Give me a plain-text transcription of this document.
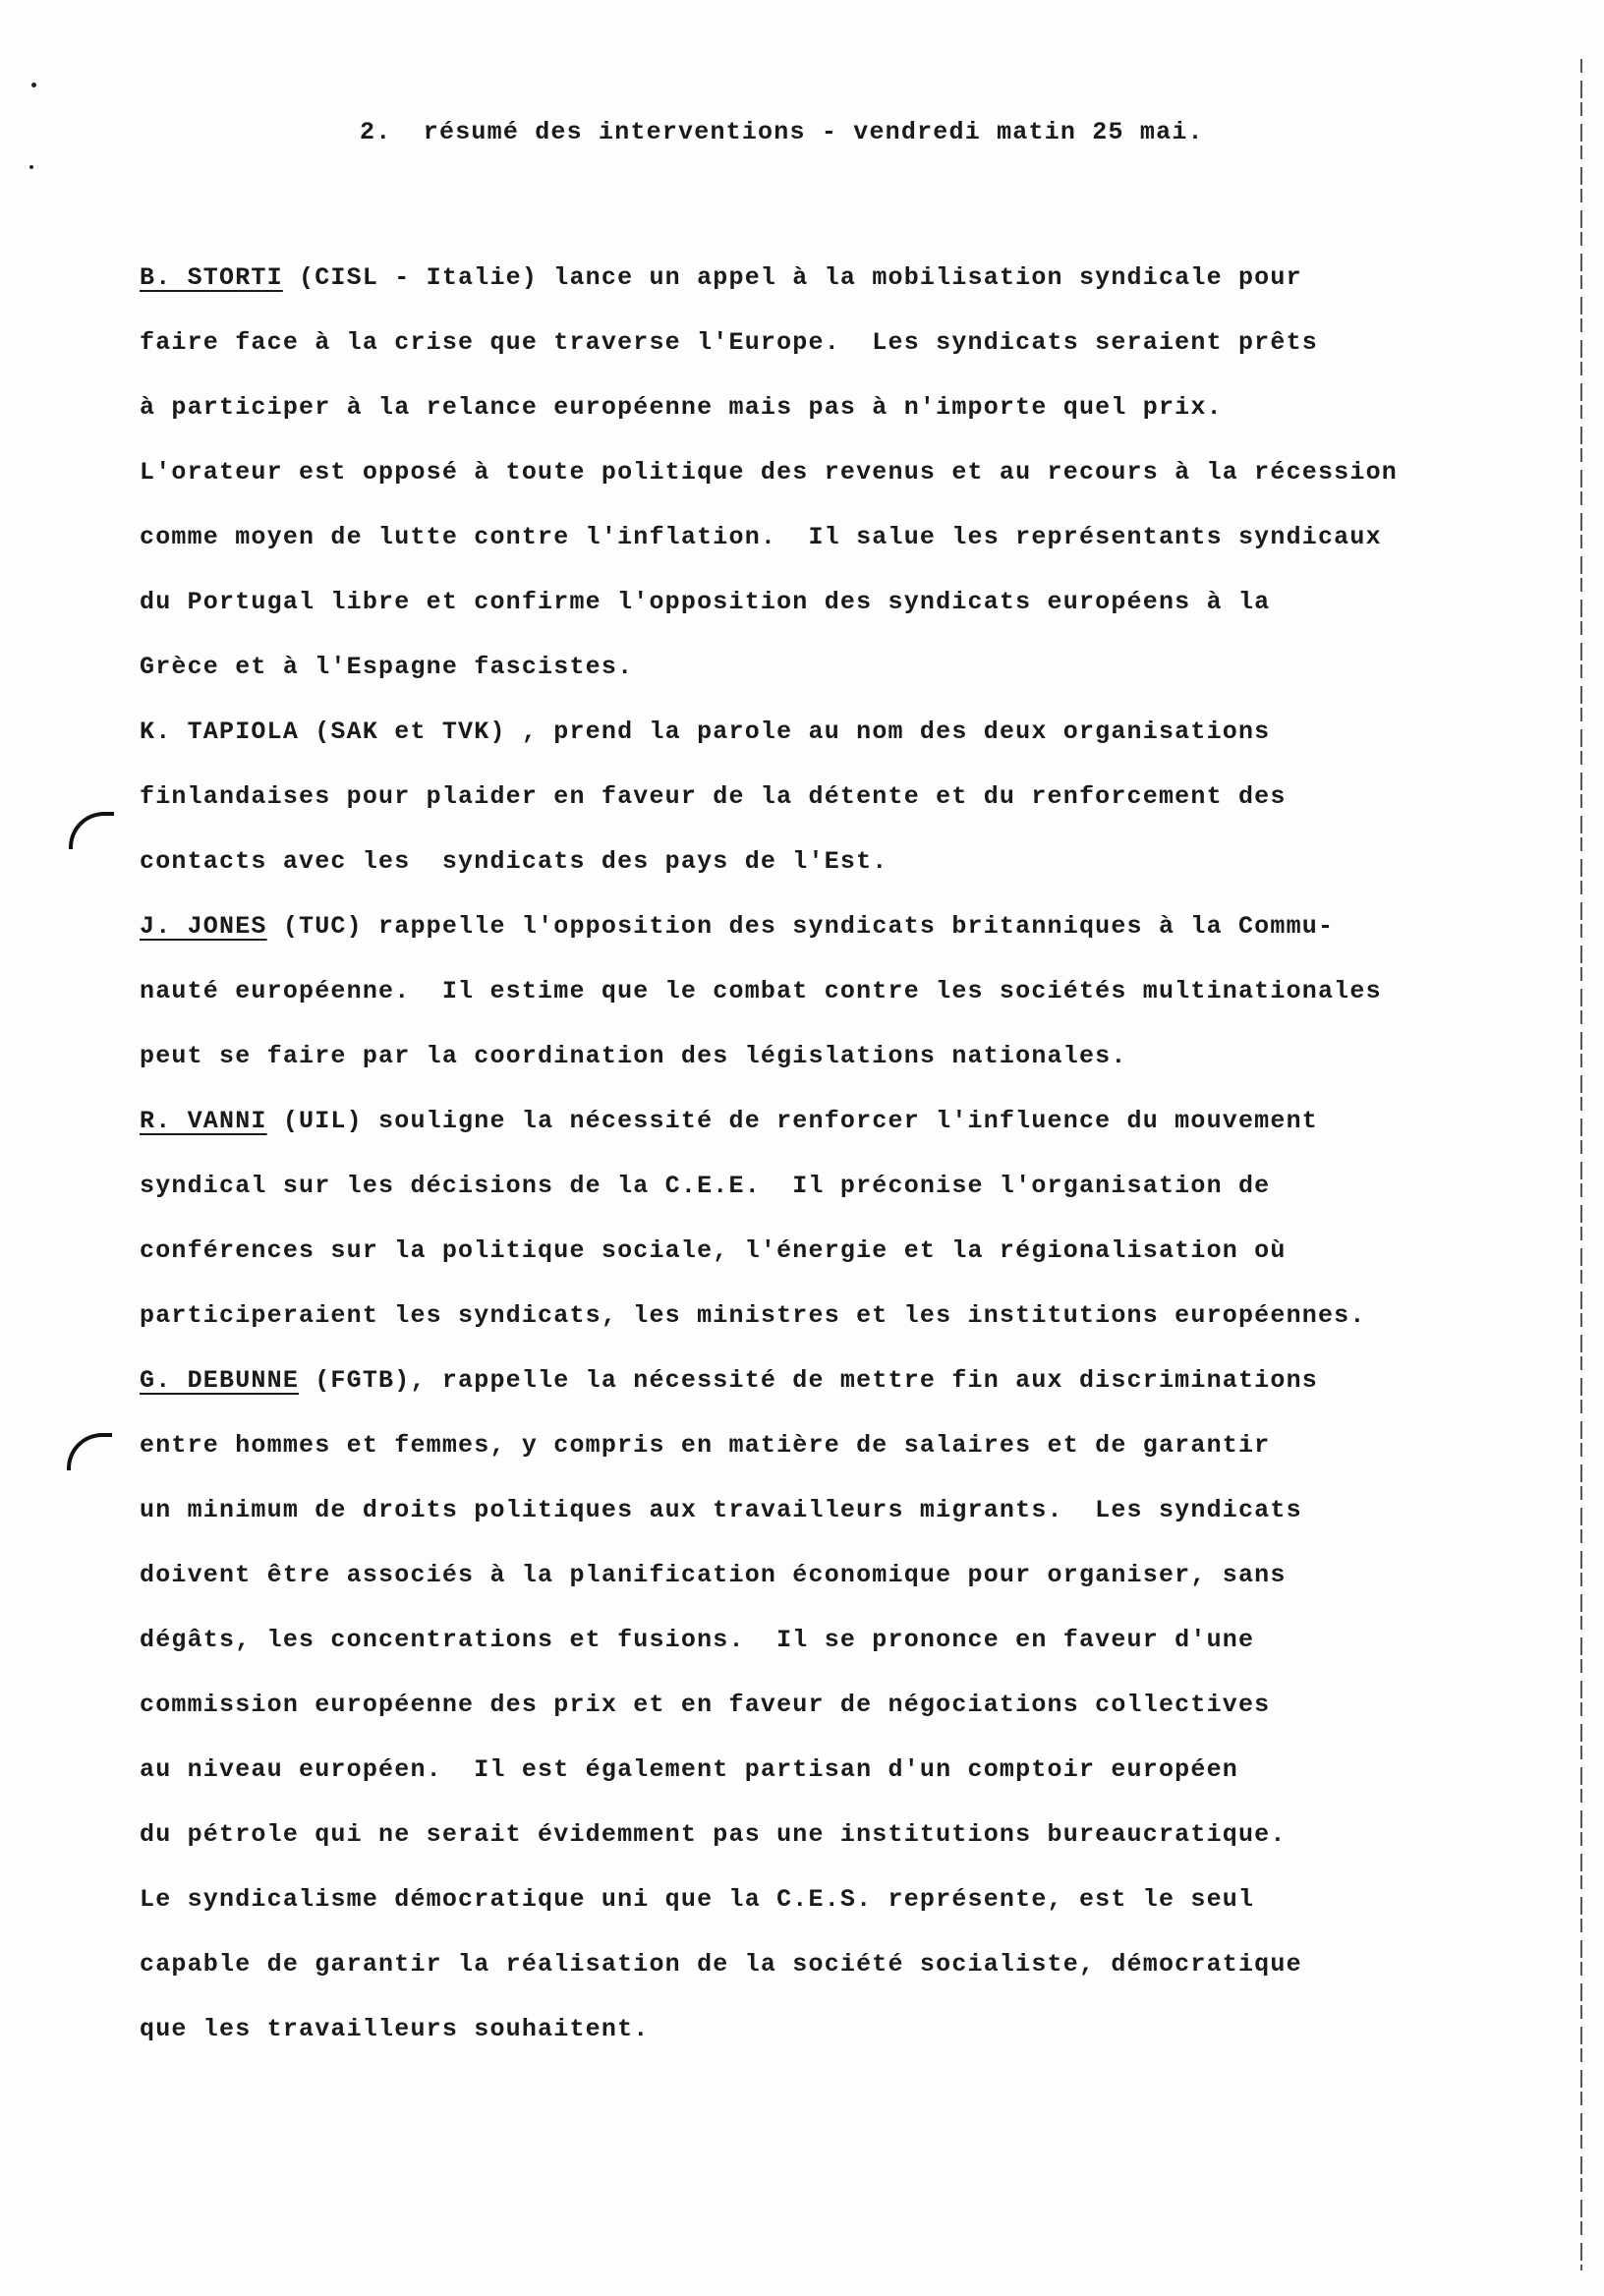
2.  résumé des interventions - vendredi matin 25 mai.
B. STORTI (CISL - Italie) lance un appel à la mobilisation syndicale pour
faire face à la crise que traverse l'Europe.  Les syndicats seraient prêts
à participer à la relance européenne mais pas à n'importe quel prix.
L'orateur est opposé à toute politique des revenus et au recours à la récession
comme moyen de lutte contre l'inflation.  Il salue les représentants syndicaux
du Portugal libre et confirme l'opposition des syndicats européens à la
Grèce et à l'Espagne fascistes.
K. TAPIOLA (SAK et TVK) , prend la parole au nom des deux organisations
finlandaises pour plaider en faveur de la détente et du renforcement des
contacts avec les  syndicats des pays de l'Est.
J. JONES (TUC) rappelle l'opposition des syndicats britanniques à la Commu-
nauté européenne.  Il estime que le combat contre les sociétés multinationales
peut se faire par la coordination des législations nationales.
R. VANNI (UIL) souligne la nécessité de renforcer l'influence du mouvement
syndical sur les décisions de la C.E.E.  Il préconise l'organisation de
conférences sur la politique sociale, l'énergie et la régionalisation où
participeraient les syndicats, les ministres et les institutions européennes.
G. DEBUNNE (FGTB), rappelle la nécessité de mettre fin aux discriminations
entre hommes et femmes, y compris en matière de salaires et de garantir
un minimum de droits politiques aux travailleurs migrants.  Les syndicats
doivent être associés à la planification économique pour organiser, sans
dégâts, les concentrations et fusions.  Il se prononce en faveur d'une
commission européenne des prix et en faveur de négociations collectives
au niveau européen.  Il est également partisan d'un comptoir européen
du pétrole qui ne serait évidemment pas une institutions bureaucratique.
Le syndicalisme démocratique uni que la C.E.S. représente, est le seul
capable de garantir la réalisation de la société socialiste, démocratique
que les travailleurs souhaitent.
